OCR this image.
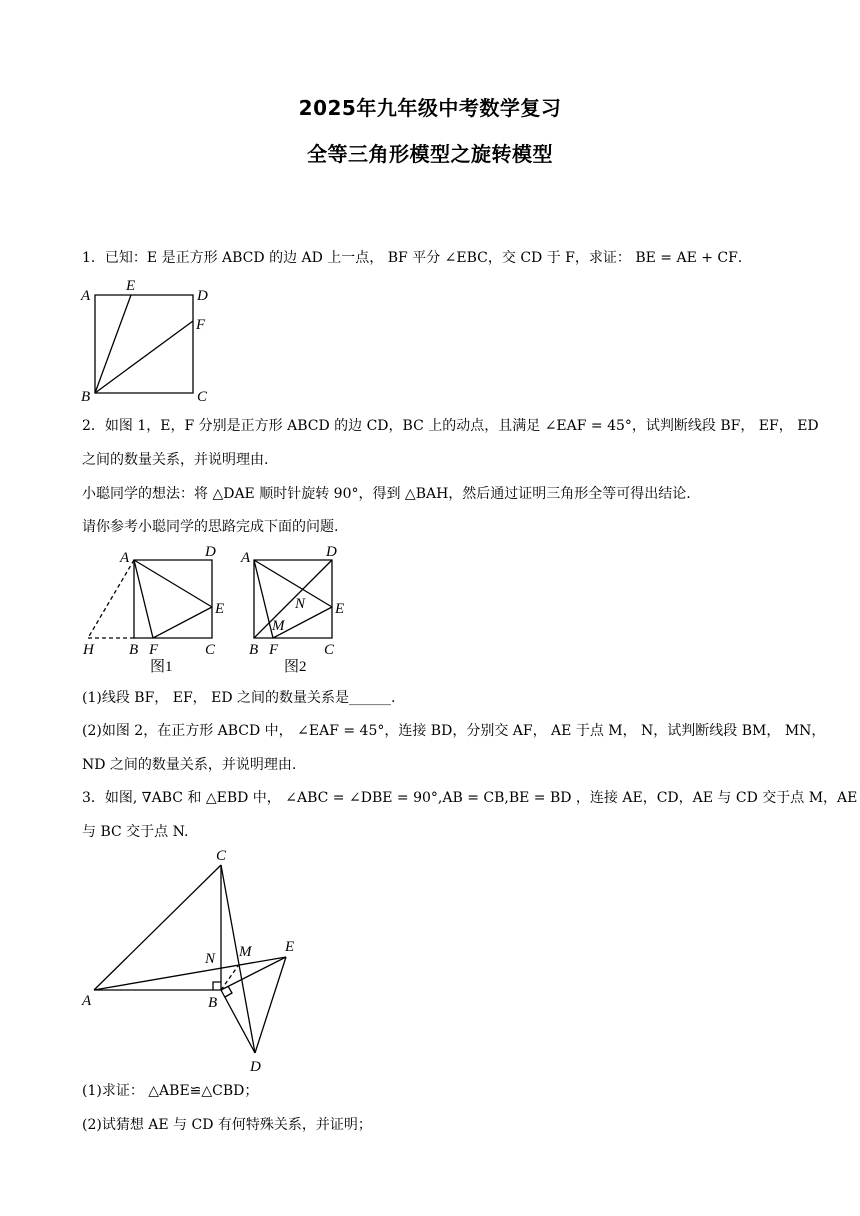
2025年九年级中考数学复习
全等三角形模型之旋转模型
1．已知：E 是正方形 ABCD 的边 AD 上一点， BF 平分 ∠EBC，交 CD 于 F，求证： BE = AE + CF．
A
E
D
F
B	C
2．如图 1，E，F 分别是正方形 ABCD 的边 CD，BC 上的动点，且满足 ∠EAF = 45°，试判断线段 BF， EF， ED
之间的数量关系，并说明理由.
小聪同学的想法：将 △DAE 顺时针旋转 90°，得到 △BAH，然后通过证明三角形全等可得出结论.
请你参考小聪同学的思路完成下面的问题.
A	D
E
H B F	C
图1
A	D
N E
M
B F	C
图2
(1)线段 BF， EF， ED 之间的数量关系是______.
(2)如图 2，在正方形 ABCD 中， ∠EAF = 45°，连接 BD，分别交 AF， AE 于点 M， N，试判断线段 BM， MN，
ND 之间的数量关系，并说明理由.
3．如图, ∇ABC 和 △EBD 中， ∠ABC = ∠DBE = 90°,AB = CB,BE = BD ，连接 AE，CD，AE 与 CD 交于点 M，AE
与 BC 交于点 N.
C
N M E
A	B
D
(1)求证： △ABE≌△CBD；
(2)试猜想 AE 与 CD 有何特殊关系，并证明；
